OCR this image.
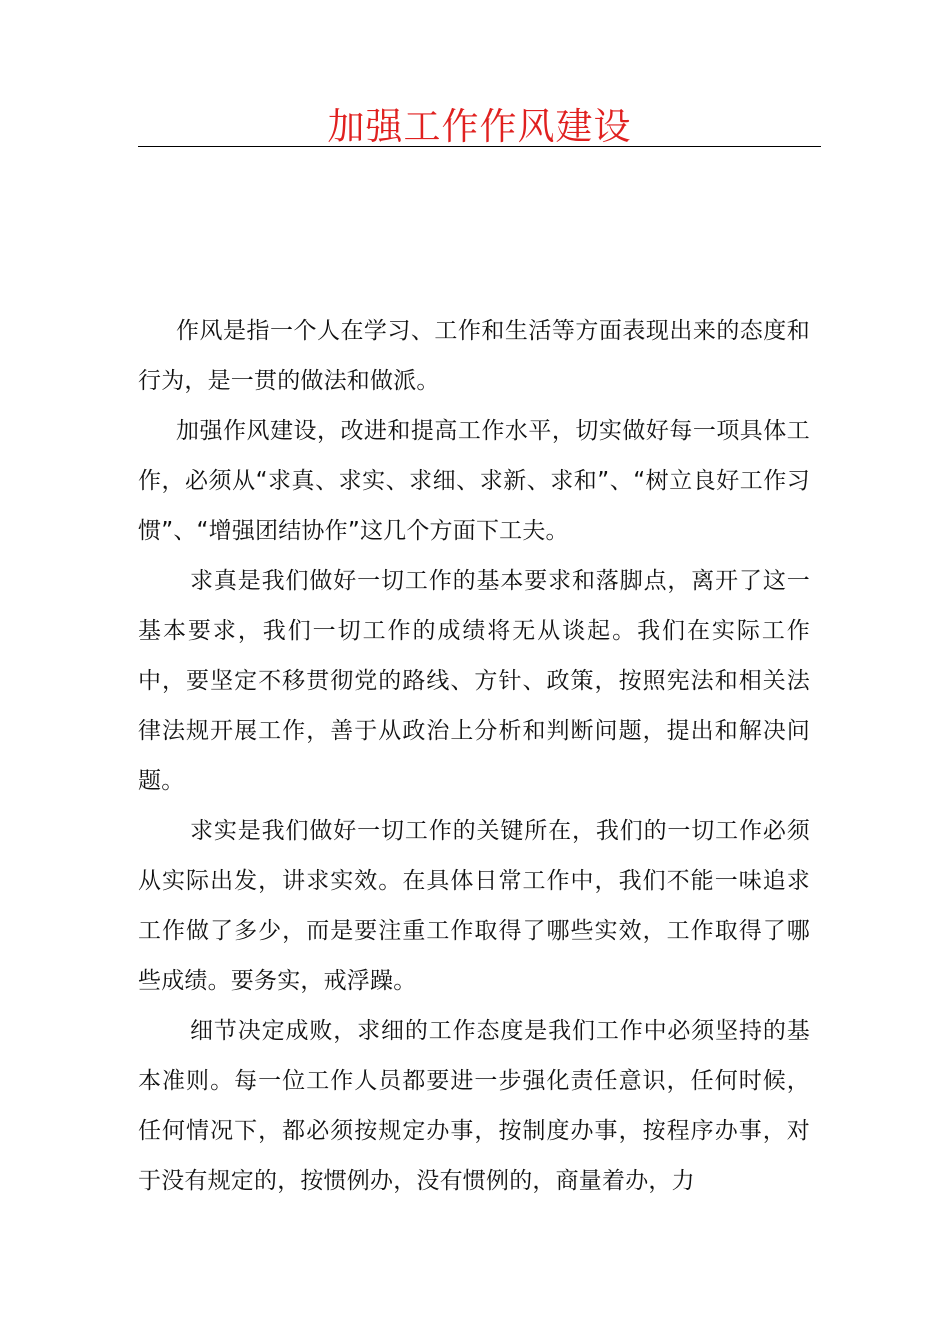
加强工作作风建设

作风是指一个人在学习、工作和生活等方面表现出来的态度和行为，是一贯的做法和做派。

加强作风建设，改进和提高工作水平，切实做好每一项具体工作，必须从“求真、求实、求细、求新、求和”、“树立良好工作习惯”、“增强团结协作”这几个方面下工夫。

求真是我们做好一切工作的基本要求和落脚点，离开了这一基本要求，我们一切工作的成绩将无从谈起。我们在实际工作中，要坚定不移贯彻党的路线、方针、政策，按照宪法和相关法律法规开展工作，善于从政治上分析和判断问题，提出和解决问题。

求实是我们做好一切工作的关键所在，我们的一切工作必须从实际出发，讲求实效。在具体日常工作中，我们不能一味追求工作做了多少，而是要注重工作取得了哪些实效，工作取得了哪些成绩。要务实，戒浮躁。

细节决定成败，求细的工作态度是我们工作中必须坚持的基本准则。每一位工作人员都要进一步强化责任意识，任何时候，任何情况下，都必须按规定办事，按制度办事，按程序办事，对于没有规定的，按惯例办，没有惯例的，商量着办，力
